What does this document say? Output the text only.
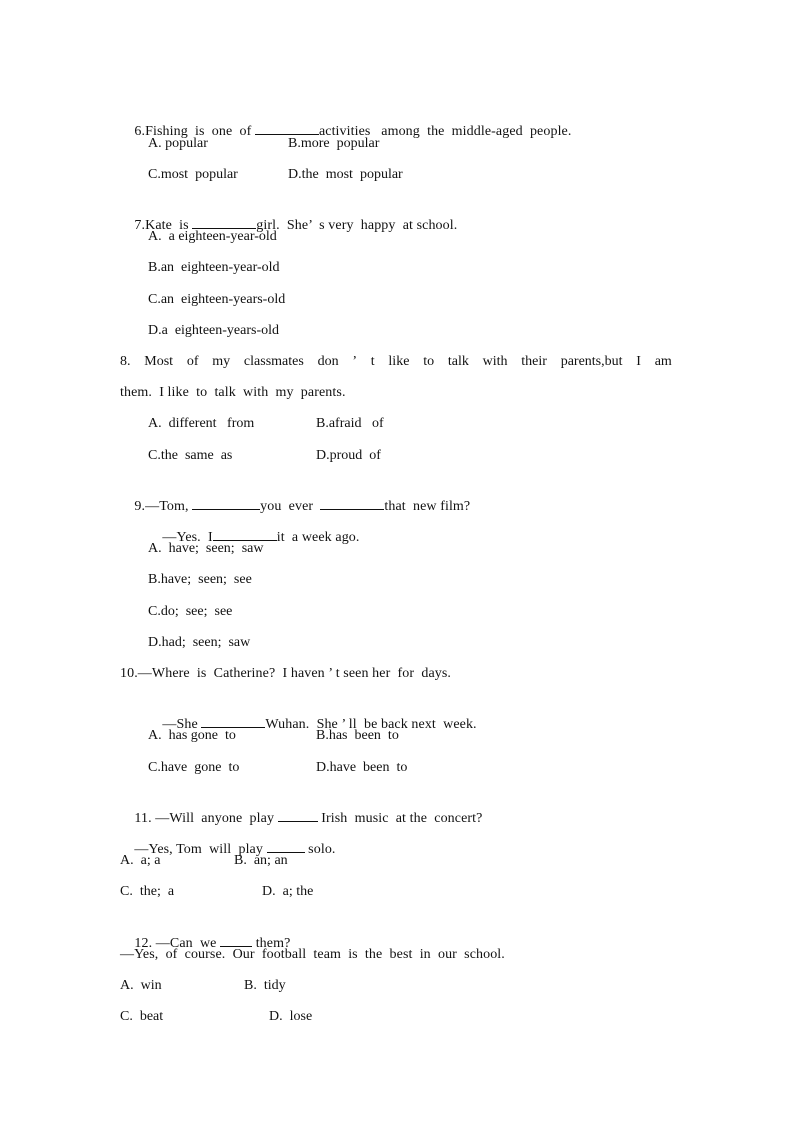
6.Fishing  is  one  of	activities   among  the  middle-aged  people.

A. popular	B.more  popular
C.most  popular	D.the  most  popular

7.Kate  is	girl.  She’  s very  happy  at school.

A.  a eighteen-year-old
B.an  eighteen-year-old
C.an  eighteen-years-old
D.a  eighteen-years-old
8. Most of my classmates don ’ t like to talk with their parents,but I am
them.  I like  to  talk  with  my  parents.
A.  different   from	B.afraid   of
C.the  same  as	D.proud  of

9.—Tom,	you  ever	that  new film?

—Yes.  I	it  a week ago.

A.  have;  seen;  saw
B.have;  seen;  see
C.do;  see;  see
D.had;  seen;  saw
10.—Where  is  Catherine?  I haven ’ t seen her  for  days.

—She	Wuhan.  She ’ ll  be back next  week.

A.  has gone  to	B.has  been  to
C.have  gone  to	D.have  been  to

11. —Will  anyone  play	Irish  music  at the  concert?

—Yes, Tom  will  play	solo.

A.  a; a	B.  an; an
C.  the;  a	D.  a; the

12. —Can  we  them?

—Yes,  of  course.  Our  football  team  is  the  best  in  our  school.
A.  win	B.  tidy
C.  beat	D.  lose
